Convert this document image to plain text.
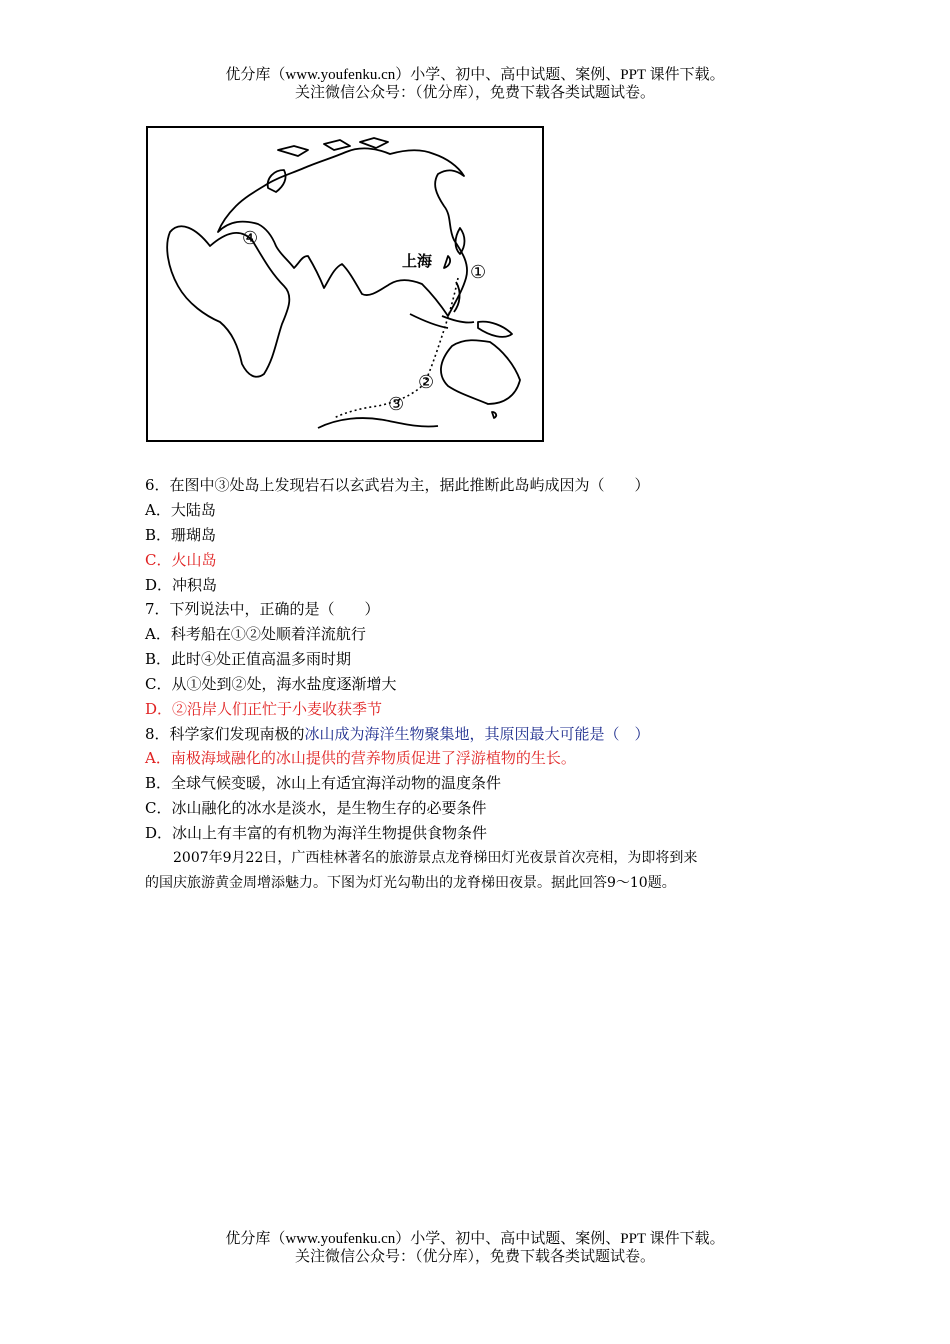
优分库（www.youfenku.cn）小学、初中、高中试题、案例、PPT 课件下载。
关注微信公众号：（优分库），免费下载各类试题试卷。
上海
①
②
③
④
6．在图中③处岛上发现岩石以玄武岩为主，据此推断此岛屿成因为（　　）
A．大陆岛
B．珊瑚岛
C．火山岛
D．冲积岛
7．下列说法中，正确的是（　　）
A．科考船在①②处顺着洋流航行
B．此时④处正值高温多雨时期
C．从①处到②处，海水盐度逐渐增大
D．②沿岸人们正忙于小麦收获季节
8．科学家们发现南极的冰山成为海洋生物聚集地，其原因最大可能是（　）
A．南极海域融化的冰山提供的营养物质促进了浮游植物的生长。
B．全球气候变暖，冰山上有适宜海洋动物的温度条件
C．冰山融化的冰水是淡水，是生物生存的必要条件
D．冰山上有丰富的有机物为海洋生物提供食物条件
　　2007年9月22日，广西桂林著名的旅游景点龙脊梯田灯光夜景首次亮相，为即将到来
的国庆旅游黄金周增添魅力。下图为灯光勾勒出的龙脊梯田夜景。据此回答9～10题。
优分库（www.youfenku.cn）小学、初中、高中试题、案例、PPT 课件下载。
关注微信公众号：（优分库），免费下载各类试题试卷。
